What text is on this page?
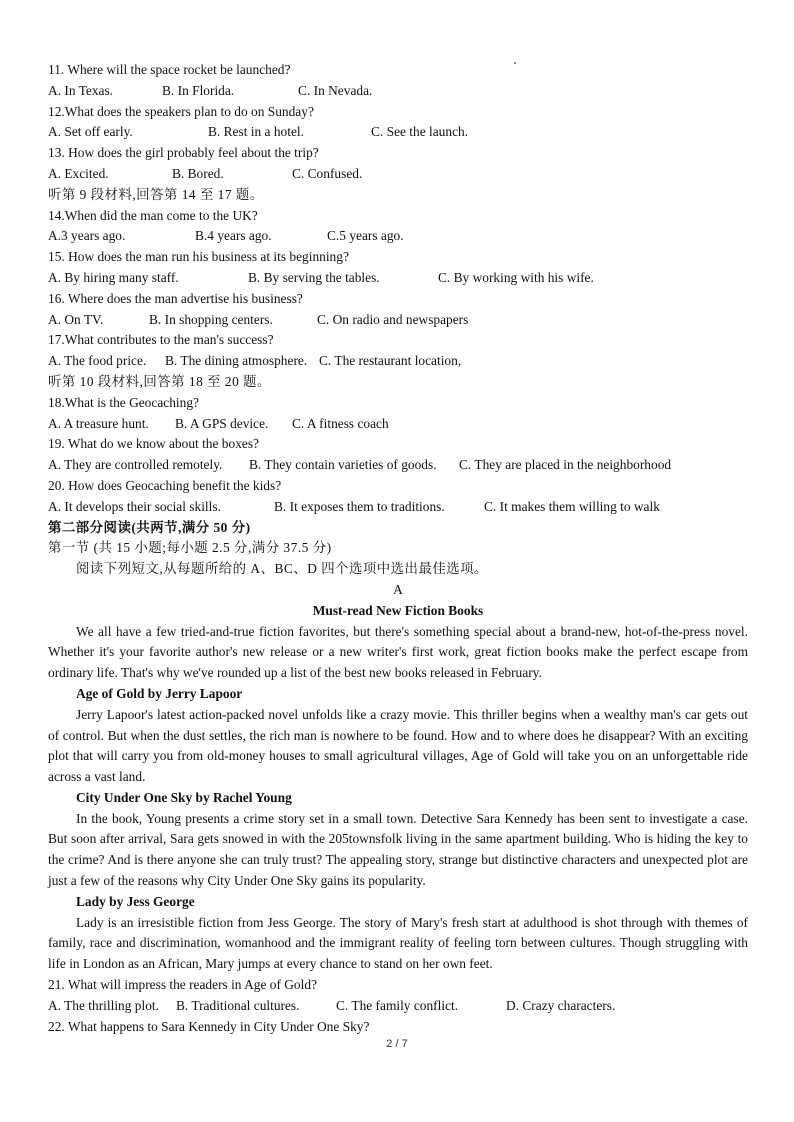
11. Where will the space rocket be launched?
A. In Texas.	B. In Florida.	C. In Nevada.
12.What does the speakers plan to do on Sunday?
A. Set off early.	B. Rest in a hotel.	C. See the launch.
13. How does the girl probably feel about the trip?
A. Excited.	B. Bored.	C. Confused.
听第 9 段材料,回答第 14 至 17 题。
14.When did the man come to the UK?
A.3 years ago.	B.4 years ago.	C.5 years ago.
15. How does the man run his business at its beginning?
A. By hiring many staff.	B. By serving the tables.	C. By working with his wife.
16. Where does the man advertise his business?
A. On TV.	B. In shopping centers.	C. On radio and newspapers
17.What contributes to the man's success?
A. The food price.	B. The dining atmosphere. C. The restaurant location,
听第 10 段材料,回答第 18 至 20 题。
18.What is the Geocaching?
A. A treasure hunt.	B. A GPS device.	C. A fitness coach
19. What do we know about the boxes?
A. They are controlled remotely.	B. They contain varieties of goods.	C. They are placed in the neighborhood
20. How does Geocaching benefit the kids?
A. It develops their social skills.	B. It exposes them to traditions.	C. It makes them willing to walk
第二部分阅读(共两节,满分 50 分)
第一节 (共 15 小题;每小题 2.5 分,满分 37.5 分)
阅读下列短文,从每题所给的 A、BC、D 四个选项中选出最佳选项。
A
Must-read New Fiction Books

We all have a few tried-and-true fiction favorites, but there's something special about a brand-new, hot-of-the-press novel. Whether it's your favorite author's new release or a new writer's first work, great fiction books make the perfect escape from ordinary life. That's why we've rounded up a list of the best new books released in February.

Age of Gold by Jerry Lapoor

Jerry Lapoor's latest action-packed novel unfolds like a crazy movie. This thriller begins when a wealthy man's car gets out of control. But when the dust settles, the rich man is nowhere to be found. How and to where does he disappear? With an exciting plot that will carry you from old-money houses to small agricultural villages, Age of Gold will take you on an unforgettable ride across a vast land.

City Under One Sky by Rachel Young

In the book, Young presents a crime story set in a small town. Detective Sara Kennedy has been sent to investigate a case. But soon after arrival, Sara gets snowed in with the 205townsfolk living in the same apartment building. Who is hiding the key to the crime? And is there anyone she can truly trust? The appealing story, strange but distinctive characters and unexpected plot are just a few of the reasons why City Under One Sky gains its popularity.

Lady by Jess George

Lady is an irresistible fiction from Jess George. The story of Mary's fresh start at adulthood is shot through with themes of family, race and discrimination, womanhood and the immigrant reality of feeling torn between cultures. Though struggling with life in London as an African, Mary jumps at every chance to stand on her own feet.

21. What will impress the readers in Age of Gold?
A. The thrilling plot.	B. Traditional cultures.	C. The family conflict.	D. Crazy characters.
22. What happens to Sara Kennedy in City Under One Sky?
2 / 7
